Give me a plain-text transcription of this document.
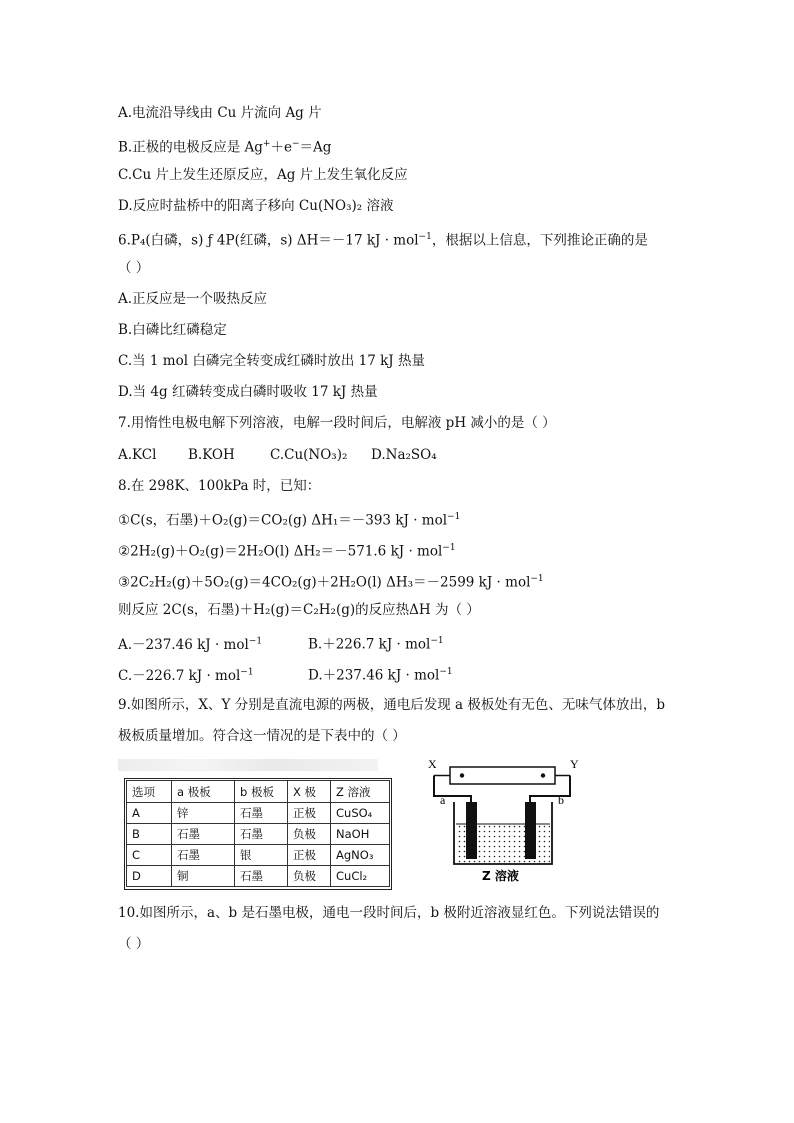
A.电流沿导线由 Cu 片流向 Ag 片
B.正极的电极反应是 Ag+＋e−＝Ag
C.Cu 片上发生还原反应，Ag 片上发生氧化反应
D.反应时盐桥中的阳离子移向 Cu(NO₃)₂ 溶液
6.P₄(白磷，s) ƒ 4P(红磷，s) ΔH＝－17 kJ · mol$^{-1}$，根据以上信息，下列推论正确的是
（ ）
A.正反应是一个吸热反应
B.白磷比红磷稳定
C.当 1 mol 白磷完全转变成红磷时放出 17 kJ 热量
D.当 4g 红磷转变成白磷时吸收 17 kJ 热量
7.用惰性电极电解下列溶液，电解一段时间后，电解液 pH 减小的是（ ）
A.KCl B.KOH	C.Cu(NO₃)₂ D.Na₂SO₄
8.在 298K、100kPa 时，已知：
①C(s，石墨)＋O₂(g)＝CO₂(g) ΔH₁＝－393 kJ · mol$^{-1}$
②2H₂(g)＋O₂(g)＝2H₂O(l) ΔH₂＝－571.6 kJ · mol$^{-1}$
③2C₂H₂(g)＋5O₂(g)＝4CO₂(g)＋2H₂O(l) ΔH₃＝－2599 kJ · mol$^{-1}$
则反应 2C(s，石墨)＋H₂(g)＝C₂H₂(g)的反应热ΔH 为（ ）
A.－237.46 kJ · mol$^{-1}$	B.＋226.7 kJ · mol$^{-1}$
C.－226.7 kJ · mol$^{-1}$	D.＋237.46 kJ · mol$^{-1}$
9.如图所示，X、Y 分别是直流电源的两极，通电后发现 a 极板处有无色、无味气体放出，b
极板质量增加。符合这一情况的是下表中的（ ）
选项	a 极板	b 极板	X 极	Z 溶液
A	锌	石墨	正极	CuSO₄
B	石墨	石墨	负极	NaOH
C	石墨	银	正极	AgNO₃
D	铜	石墨	负极	CuCl₂
X	Y
a	b
Z 溶液
10.如图所示，a、b 是石墨电极，通电一段时间后，b 极附近溶液显红色。下列说法错误的
（ ）
